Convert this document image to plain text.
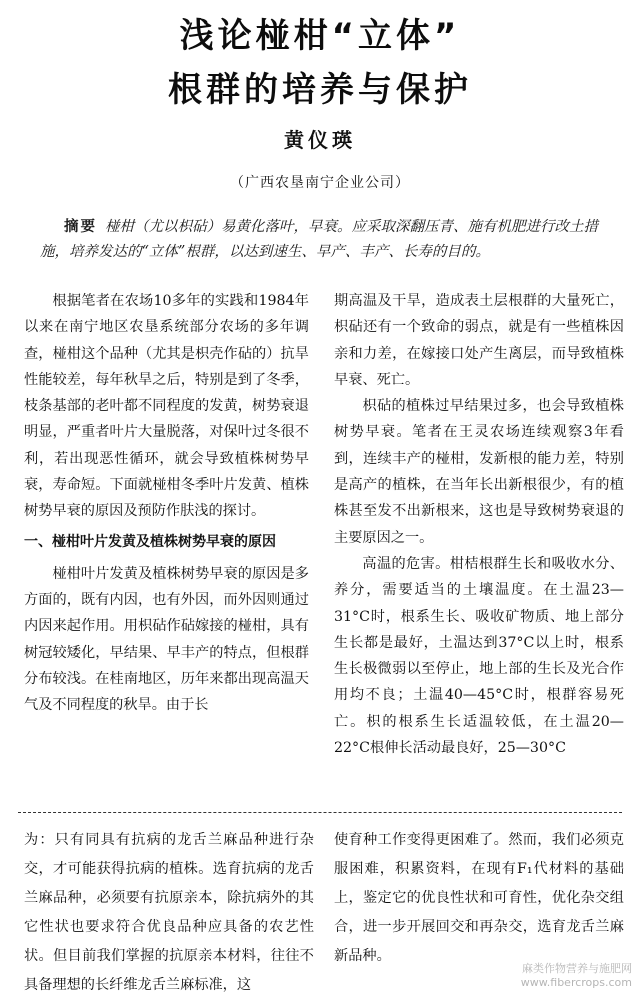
浅论椪柑“立体”
根群的培养与保护
黄仪瑛
（广西农垦南宁企业公司）
摘要 椪柑（尤以枳砧）易黄化落叶，早衰。应采取深翻压青、施有机肥进行改土措施，培养发达的“立体”根群，以达到速生、早产、丰产、长寿的目的。

根据笔者在农场10多年的实践和1984年以来在南宁地区农垦系统部分农场的多年调查，椪柑这个品种（尤其是枳壳作砧的）抗旱性能较差，每年秋旱之后，特别是到了冬季，枝条基部的老叶都不同程度的发黄，树势衰退明显，严重者叶片大量脱落，对保叶过冬很不利，若出现恶性循环，就会导致植株树势早衰，寿命短。下面就椪柑冬季叶片发黄、植株树势早衰的原因及预防作肤浅的探讨。

一、椪柑叶片发黄及植株树势早衰的原因

椪柑叶片发黄及植株树势早衰的原因是多方面的，既有内因，也有外因，而外因则通过内因来起作用。用枳砧作砧嫁接的椪柑，具有树冠较矮化，早结果、早丰产的特点，但根群分布较浅。在桂南地区，历年来都出现高温天气及不同程度的秋旱。由于长

期高温及干旱，造成表土层根群的大量死亡，枳砧还有一个致命的弱点，就是有一些植株因亲和力差，在嫁接口处产生离层，而导致植株早衰、死亡。

枳砧的植株过早结果过多，也会导致植株树势早衰。笔者在王灵农场连续观察3年看到，连续丰产的椪柑，发新根的能力差，特别是高产的植株，在当年长出新根很少，有的植株甚至发不出新根来，这也是导致树势衰退的主要原因之一。

高温的危害。柑桔根群生长和吸收水分、养分，需要适当的土壤温度。在土温23—31°C时，根系生长、吸收矿物质、地上部分生长都是最好，土温达到37°C以上时，根系生长极微弱以至停止，地上部的生长及光合作用均不良；土温40—45°C时，根群容易死亡。枳的根系生长适温较低，在土温20—22°C根伸长活动最良好，25—30°C

为：只有同具有抗病的龙舌兰麻品种进行杂交，才可能获得抗病的植株。选育抗病的龙舌兰麻品种，必须要有抗原亲本，除抗病外的其它性状也要求符合优良品种应具备的农艺性状。但目前我们掌握的抗原亲本材料，往往不具备理想的长纤维龙舌兰麻标准，这

使育种工作变得更困难了。然而，我们必须克服困难，积累资料，在现有F₁代材料的基础上，鉴定它的优良性状和可育性，优化杂交组合，进一步开展回交和再杂交，选育龙舌兰麻新品种。

麻类作物营养与施肥网
www.fibercrops.com
